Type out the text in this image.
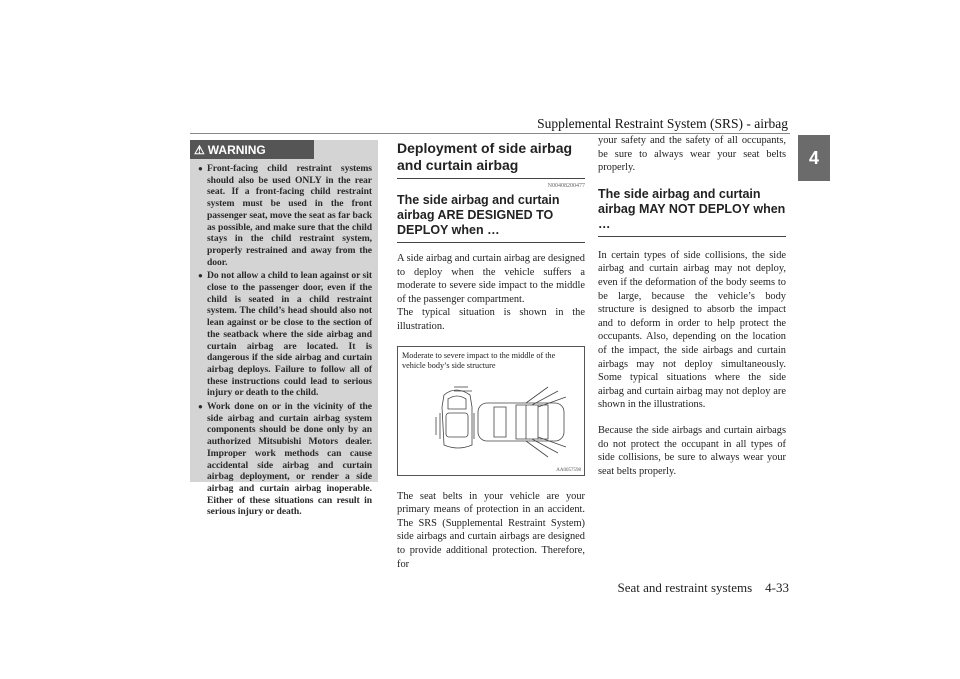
Supplemental Restraint System (SRS) - airbag
4
⚠ WARNING
● Front-facing child restraint systems should also be used ONLY in the rear seat. If a front-facing child restraint system must be used in the front passenger seat, move the seat as far back as possible, and make sure that the child stays in the child restraint system, properly restrained and away from the door.
● Do not allow a child to lean against or sit close to the passenger door, even if the child is seated in a child restraint system. The child’s head should also not lean against or be close to the section of the seatback where the side airbag and curtain airbag are located. It is dangerous if the side airbag and curtain airbag deploys. Failure to follow all of these instructions could lead to serious injury or death to the child.
● Work done on or in the vicinity of the side airbag and curtain airbag system components should be done only by an authorized Mitsubishi Motors dealer. Improper work methods can cause accidental side airbag and curtain airbag deployment, or render a side airbag and curtain airbag inoperable. Either of these situations can result in serious injury or death.
Deployment of side airbag and curtain airbag
N00408200477
The side airbag and curtain airbag ARE DESIGNED TO DEPLOY when …

A side airbag and curtain airbag are designed to deploy when the vehicle suffers a moderate to severe side impact to the middle of the passenger compartment.

The typical situation is shown in the illustration.

Moderate to severe impact to the middle of the vehicle body’s side structure
AA0057598

The seat belts in your vehicle are your primary means of protection in an accident. The SRS (Supplemental Restraint System) side airbags and curtain airbags are designed to provide additional protection. Therefore, for

your safety and the safety of all occupants, be sure to always wear your seat belts properly.

The side airbag and curtain airbag MAY NOT DEPLOY when …

In certain types of side collisions, the side airbag and curtain airbag may not deploy, even if the deformation of the body seems to be large, because the vehicle’s body structure is designed to absorb the impact and to deform in order to help protect the occupants. Also, depending on the location of the impact, the side airbags and curtain airbags may not deploy simultaneously. Some typical situations where the side airbag and curtain airbag may not deploy are shown in the illustrations.

Because the side airbags and curtain airbags do not protect the occupant in all types of side collisions, be sure to always wear your seat belts properly.

Seat and restraint systems 4-33
